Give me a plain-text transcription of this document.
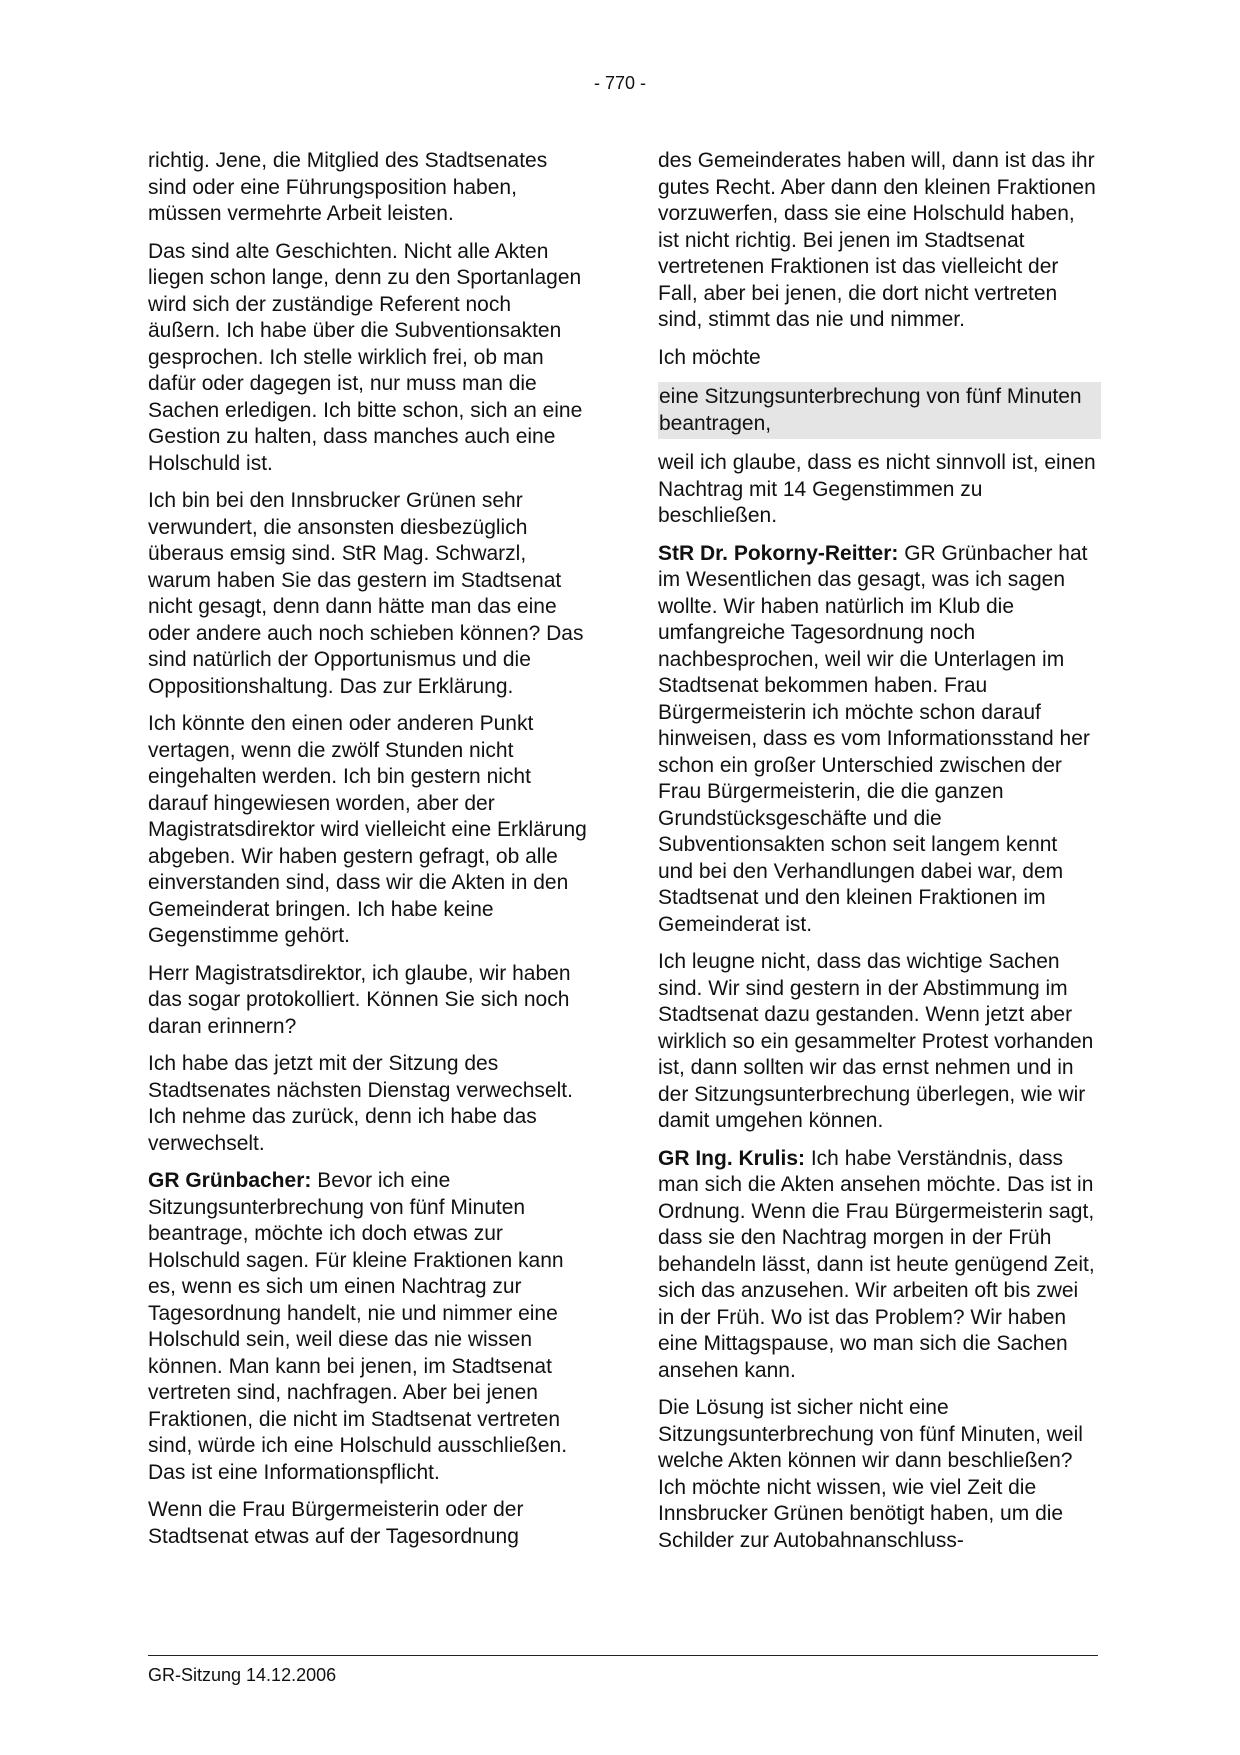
- 770 -

richtig. Jene, die Mitglied des Stadtsenates sind oder eine Führungsposition haben, müssen vermehrte Arbeit leisten.

Das sind alte Geschichten. Nicht alle Akten liegen schon lange, denn zu den Sportanlagen wird sich der zuständige Referent noch äußern. Ich habe über die Subventionsakten gesprochen. Ich stelle wirklich frei, ob man dafür oder dagegen ist, nur muss man die Sachen erledigen. Ich bitte schon, sich an eine Gestion zu halten, dass manches auch eine Holschuld ist.

Ich bin bei den Innsbrucker Grünen sehr verwundert, die ansonsten diesbezüglich überaus emsig sind. StR Mag. Schwarzl, warum haben Sie das gestern im Stadtsenat nicht gesagt, denn dann hätte man das eine oder andere auch noch schieben können? Das sind natürlich der Opportunismus und die Oppositionshaltung. Das zur Erklärung.

Ich könnte den einen oder anderen Punkt vertagen, wenn die zwölf Stunden nicht eingehalten werden. Ich bin gestern nicht darauf hingewiesen worden, aber der Magistratsdirektor wird vielleicht eine Erklärung abgeben. Wir haben gestern gefragt, ob alle einverstanden sind, dass wir die Akten in den Gemeinderat bringen. Ich habe keine Gegenstimme gehört.

Herr Magistratsdirektor, ich glaube, wir haben das sogar protokolliert. Können Sie sich noch daran erinnern?

Ich habe das jetzt mit der Sitzung des Stadtsenates nächsten Dienstag verwechselt. Ich nehme das zurück, denn ich habe das verwechselt.

GR Grünbacher: Bevor ich eine Sitzungsunterbrechung von fünf Minuten beantrage, möchte ich doch etwas zur Holschuld sagen. Für kleine Fraktionen kann es, wenn es sich um einen Nachtrag zur Tagesordnung handelt, nie und nimmer eine Holschuld sein, weil diese das nie wissen können. Man kann bei jenen, im Stadtsenat vertreten sind, nachfragen. Aber bei jenen Fraktionen, die nicht im Stadtsenat vertreten sind, würde ich eine Holschuld ausschließen. Das ist eine Informationspflicht.

Wenn die Frau Bürgermeisterin oder der Stadtsenat etwas auf der Tagesordnung

des Gemeinderates haben will, dann ist das ihr gutes Recht. Aber dann den kleinen Fraktionen vorzuwerfen, dass sie eine Holschuld haben, ist nicht richtig. Bei jenen im Stadtsenat vertretenen Fraktionen ist das vielleicht der Fall, aber bei jenen, die dort nicht vertreten sind, stimmt das nie und nimmer.

Ich möchte

eine Sitzungsunterbrechung von fünf Minuten beantragen,

weil ich glaube, dass es nicht sinnvoll ist, einen Nachtrag mit 14 Gegenstimmen zu beschließen.

StR Dr. Pokorny-Reitter: GR Grünbacher hat im Wesentlichen das gesagt, was ich sagen wollte. Wir haben natürlich im Klub die umfangreiche Tagesordnung noch nachbesprochen, weil wir die Unterlagen im Stadtsenat bekommen haben. Frau Bürgermeisterin ich möchte schon darauf hinweisen, dass es vom Informationsstand her schon ein großer Unterschied zwischen der Frau Bürgermeisterin, die die ganzen Grundstücksgeschäfte und die Subventionsakten schon seit langem kennt und bei den Verhandlungen dabei war, dem Stadtsenat und den kleinen Fraktionen im Gemeinderat ist.

Ich leugne nicht, dass das wichtige Sachen sind. Wir sind gestern in der Abstimmung im Stadtsenat dazu gestanden. Wenn jetzt aber wirklich so ein gesammelter Protest vorhanden ist, dann sollten wir das ernst nehmen und in der Sitzungsunterbrechung überlegen, wie wir damit umgehen können.

GR Ing. Krulis: Ich habe Verständnis, dass man sich die Akten ansehen möchte. Das ist in Ordnung. Wenn die Frau Bürgermeisterin sagt, dass sie den Nachtrag morgen in der Früh behandeln lässt, dann ist heute genügend Zeit, sich das anzusehen. Wir arbeiten oft bis zwei in der Früh. Wo ist das Problem? Wir haben eine Mittagspause, wo man sich die Sachen ansehen kann.

Die Lösung ist sicher nicht eine Sitzungsunterbrechung von fünf Minuten, weil welche Akten können wir dann beschließen? Ich möchte nicht wissen, wie viel Zeit die Innsbrucker Grünen benötigt haben, um die Schilder zur Autobahnanschluss-

GR-Sitzung 14.12.2006
